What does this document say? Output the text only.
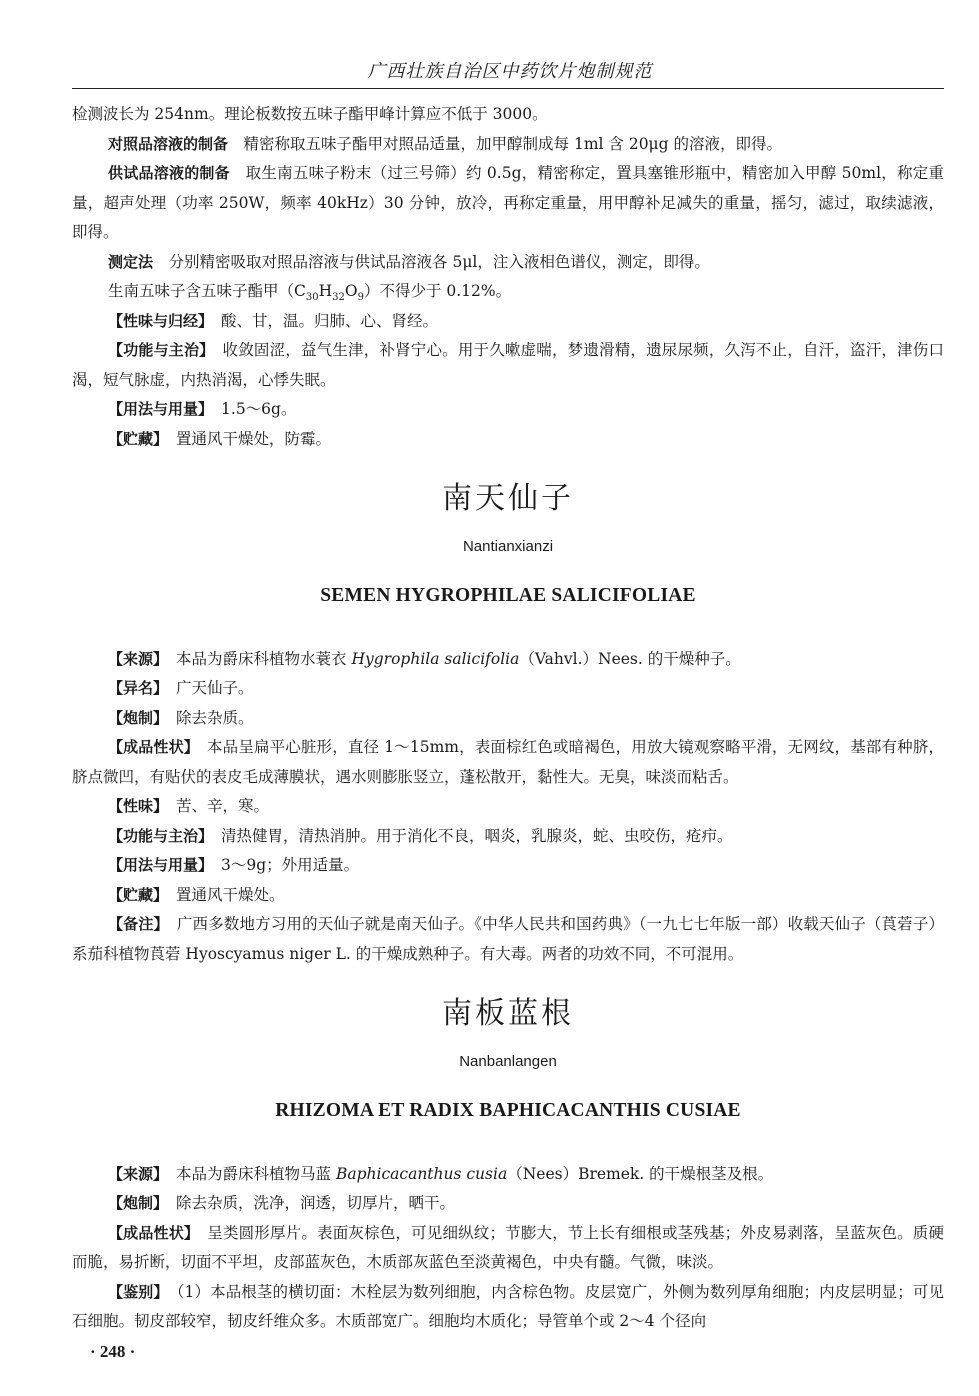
广西壮族自治区中药饮片炮制规范

检测波长为 254nm。理论板数按五味子酯甲峰计算应不低于 3000。

对照品溶液的制备　 精密称取五味子酯甲对照品适量，加甲醇制成每 1ml 含 20μg 的溶液，即得。

供试品溶液的制备　 取生南五味子粉末（过三号筛）约 0.5g，精密称定，置具塞锥形瓶中，精密加入甲醇 50ml，称定重量，超声处理（功率 250W，频率 40kHz）30 分钟，放冷，再称定重量，用甲醇补足减失的重量，摇匀，滤过，取续滤液，即得。

测定法　 分别精密吸取对照品溶液与供试品溶液各 5μl，注入液相色谱仪，测定，即得。

生南五味子含五味子酯甲$(C_{30}H_{32}O_9)$不得少于 0.12%。

【性味与归经】　 酸、甘，温。归肺、心、肾经。

【功能与主治】　 收敛固涩，益气生津，补肾宁心。用于久嗽虚喘，梦遗滑精，遗尿尿频，久泻不止，自汗，盗汗，津伤口渴，短气脉虚，内热消渴，心悸失眠。

【用法与用量】　 1.5～6g。

【贮藏】　 置通风干燥处，防霉。

南天仙子

Nantianxianzi

SEMEN HYGROPHILAE SALICIFOLIAE

【来源】　 本品为爵床科植物水蓑衣 Hygrophila salicifolia（Vahvl.）Nees. 的干燥种子。

【异名】　 广天仙子。

【炮制】　 除去杂质。

【成品性状】　 本品呈扁平心脏形，直径 1～15mm，表面棕红色或暗褐色，用放大镜观察略平滑，无网纹，基部有种脐，脐点微凹，有贴伏的表皮毛成薄膜状，遇水则膨胀竖立，蓬松散开，黏性大。无臭，味淡而粘舌。

【性味】　 苦、辛，寒。

【功能与主治】　 清热健胃，清热消肿。用于消化不良，咽炎，乳腺炎，蛇、虫咬伤，疮疖。

【用法与用量】　 3～9g；外用适量。

【贮藏】　 置通风干燥处。

【备注】　 广西多数地方习用的天仙子就是南天仙子。《中华人民共和国药典》（一九七七年版一部）收载天仙子（莨菪子）系茄科植物莨菪 Hyoscyamus niger L. 的干燥成熟种子。有大毒。两者的功效不同，不可混用。

南板蓝根

Nanbanlangen

RHIZOMA ET RADIX BAPHICACANTHIS CUSIAE

【来源】　 本品为爵床科植物马蓝 Baphicacanthus cusia（Nees）Bremek. 的干燥根茎及根。

【炮制】　 除去杂质，洗净，润透，切厚片，晒干。

【成品性状】　 呈类圆形厚片。表面灰棕色，可见细纵纹；节膨大，节上长有细根或茎残基；外皮易剥落，呈蓝灰色。质硬而脆，易折断，切面不平坦，皮部蓝灰色，木质部灰蓝色至淡黄褐色，中央有髓。气微，味淡。

【鉴别】　 （1）本品根茎的横切面：木栓层为数列细胞，内含棕色物。皮层宽广，外侧为数列厚角细胞；内皮层明显；可见石细胞。韧皮部较窄，韧皮纤维众多。木质部宽广。细胞均木质化；导管单个或 2～4 个径向

· 248 ·
